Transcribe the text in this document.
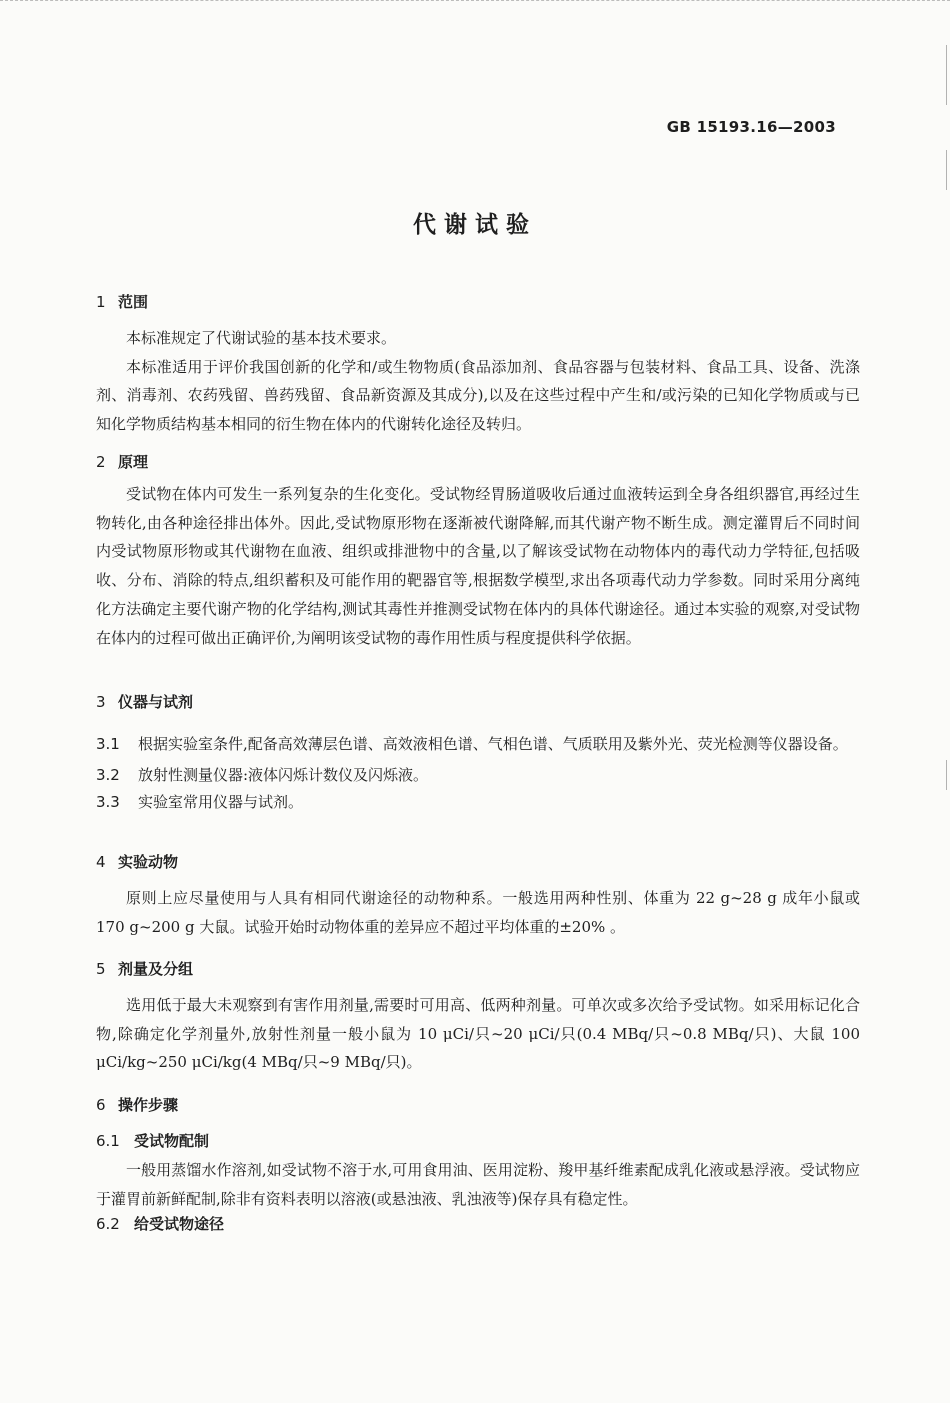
GB 15193.16—2003
代谢试验
1 范围

本标准规定了代谢试验的基本技术要求。

本标准适用于评价我国创新的化学和/或生物物质(食品添加剂、食品容器与包装材料、食品工具、设备、洗涤剂、消毒剂、农药残留、兽药残留、食品新资源及其成分),以及在这些过程中产生和/或污染的已知化学物质或与已知化学物质结构基本相同的衍生物在体内的代谢转化途径及转归。

2 原理

受试物在体内可发生一系列复杂的生化变化。受试物经胃肠道吸收后通过血液转运到全身各组织器官,再经过生物转化,由各种途径排出体外。因此,受试物原形物在逐渐被代谢降解,而其代谢产物不断生成。测定灌胃后不同时间内受试物原形物或其代谢物在血液、组织或排泄物中的含量,以了解该受试物在动物体内的毒代动力学特征,包括吸收、分布、消除的特点,组织蓄积及可能作用的靶器官等,根据数学模型,求出各项毒代动力学参数。同时采用分离纯化方法确定主要代谢产物的化学结构,测试其毒性并推测受试物在体内的具体代谢途径。通过本实验的观察,对受试物在体内的过程可做出正确评价,为阐明该受试物的毒作用性质与程度提供科学依据。

3 仪器与试剂

3.1 根据实验室条件,配备高效薄层色谱、高效液相色谱、气相色谱、气质联用及紫外光、荧光检测等仪器设备。

3.2 放射性测量仪器:液体闪烁计数仪及闪烁液。

3.3 实验室常用仪器与试剂。

4 实验动物

原则上应尽量使用与人具有相同代谢途径的动物种系。一般选用两种性别、体重为 22 g~28 g 成年小鼠或 170 g~200 g 大鼠。试验开始时动物体重的差异应不超过平均体重的±20% 。

5 剂量及分组

选用低于最大未观察到有害作用剂量,需要时可用高、低两种剂量。可单次或多次给予受试物。如采用标记化合物,除确定化学剂量外,放射性剂量一般小鼠为 10 μCi/只~20 μCi/只(0.4 MBq/只~0.8 MBq/只)、大鼠 100 μCi/kg~250 μCi/kg(4 MBq/只~9 MBq/只)。

6 操作步骤
6.1 受试物配制

一般用蒸馏水作溶剂,如受试物不溶于水,可用食用油、医用淀粉、羧甲基纤维素配成乳化液或悬浮液。受试物应于灌胃前新鲜配制,除非有资料表明以溶液(或悬浊液、乳浊液等)保存具有稳定性。

6.2 给受试物途径
